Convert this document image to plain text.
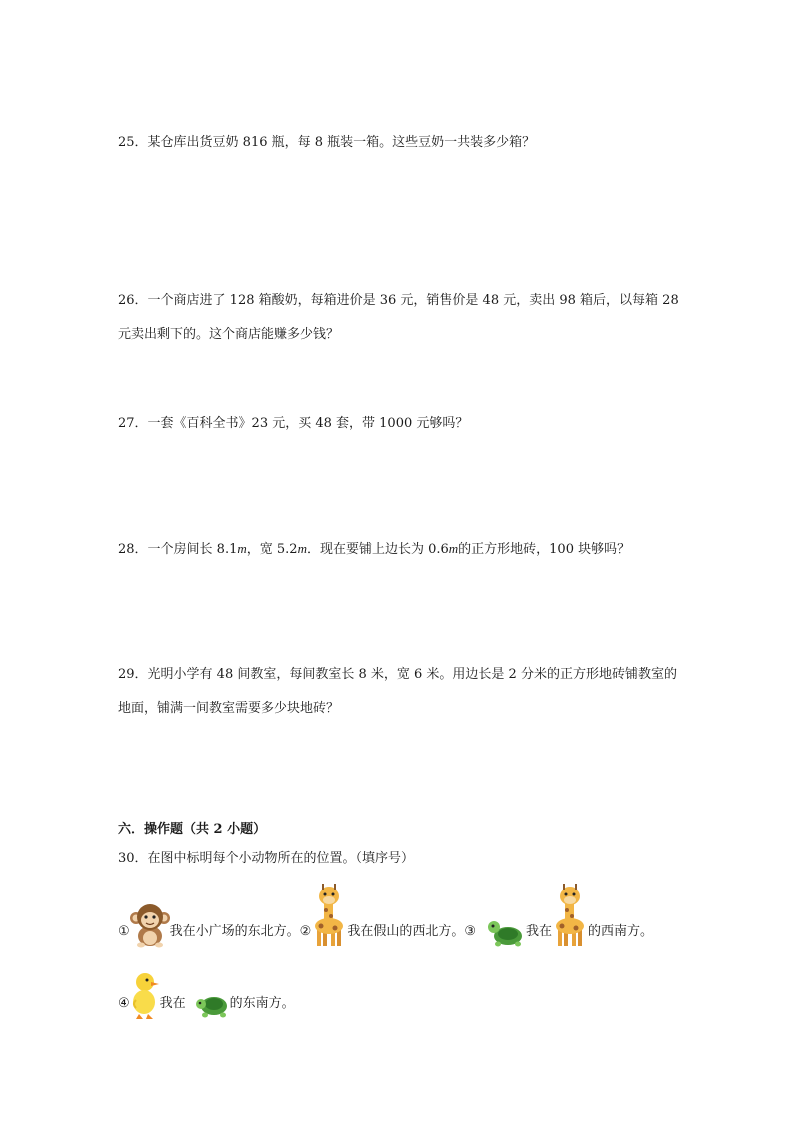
25．某仓库出货豆奶 816 瓶，每 8 瓶装一箱。这些豆奶一共装多少箱？

26．一个商店进了 128 箱酸奶，每箱进价是 36 元，销售价是 48 元，卖出 98 箱后，以每箱 28 元卖出剩下的。这个商店能赚多少钱？

27．一套《百科全书》23 元，买 48 套，带 1000 元够吗？

28．一个房间长 8.1m，宽 5.2m．现在要铺上边长为 0.6m的正方形地砖，100 块够吗？

29．光明小学有 48 间教室，每间教室长 8 米，宽 6 米。用边长是 2 分米的正方形地砖铺教室的地面，铺满一间教室需要多少块地砖？

六．操作题（共 2 小题）

30．在图中标明每个小动物所在的位置。（填序号）

①	我在小广场的东北方。 ②	我在假山的西北方。 ③	我在	的西南方。
④ 我在	的东南方。
